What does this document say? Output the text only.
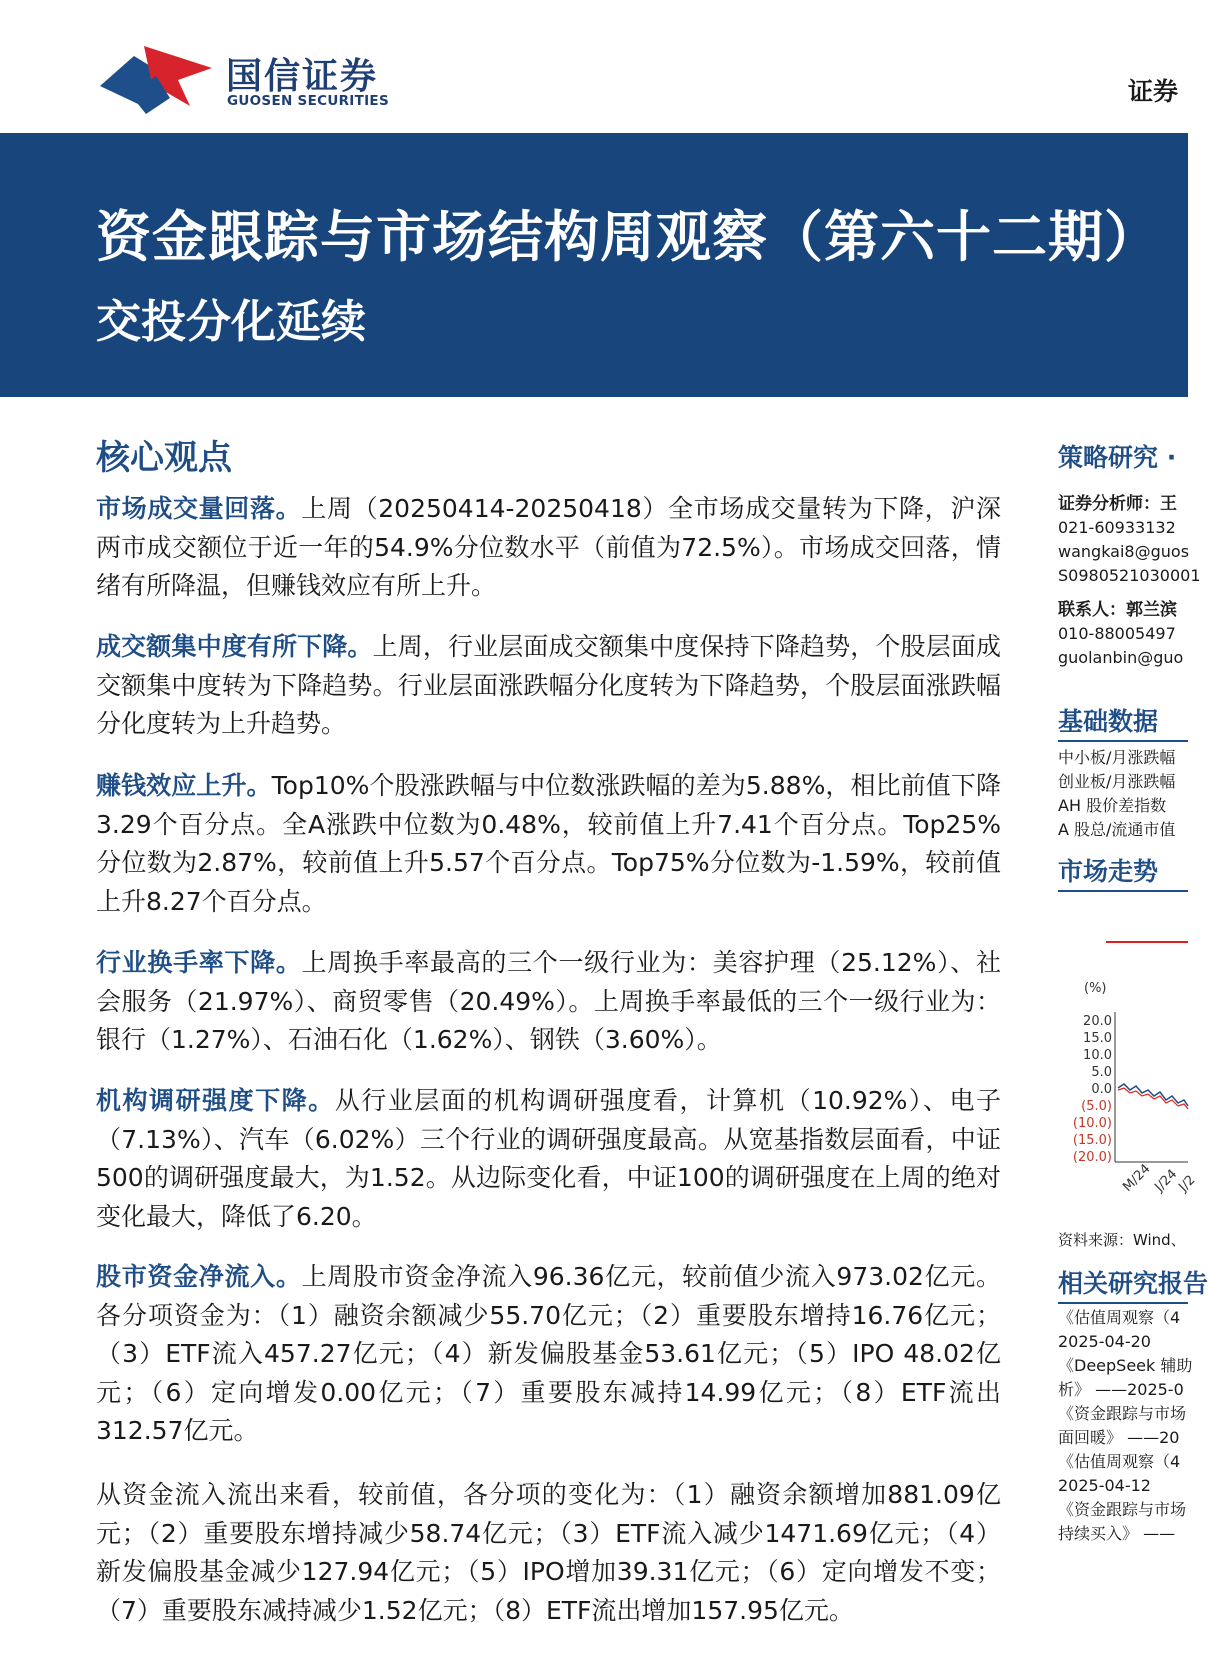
国信证券
GUOSEN SECURITIES	证券
资金跟踪与市场结构周观察（第六十二期）
交投分化延续
核心观点
市场成交量回落。上周（20250414-20250418）全市场成交量转为下降，沪深两市成交额位于近一年的54.9%分位数水平（前值为72.5%）。市场成交回落，情绪有所降温，但赚钱效应有所上升。
成交额集中度有所下降。上周，行业层面成交额集中度保持下降趋势，个股层面成交额集中度转为下降趋势。行业层面涨跌幅分化度转为下降趋势，个股层面涨跌幅分化度转为上升趋势。
赚钱效应上升。Top10%个股涨跌幅与中位数涨跌幅的差为5.88%，相比前值下降3.29个百分点。全A涨跌中位数为0.48%，较前值上升7.41个百分点。Top25%分位数为2.87%，较前值上升5.57个百分点。Top75%分位数为-1.59%，较前值上升8.27个百分点。
行业换手率下降。上周换手率最高的三个一级行业为：美容护理（25.12%）、社会服务（21.97%）、商贸零售（20.49%）。上周换手率最低的三个一级行业为：银行（1.27%）、石油石化（1.62%）、钢铁（3.60%）。
机构调研强度下降。从行业层面的机构调研强度看，计算机（10.92%）、电子（7.13%）、汽车（6.02%）三个行业的调研强度最高。从宽基指数层面看，中证500的调研强度最大，为1.52。从边际变化看，中证100的调研强度在上周的绝对变化最大，降低了6.20。
股市资金净流入。上周股市资金净流入96.36亿元，较前值少流入973.02亿元。各分项资金为：（1）融资余额减少55.70亿元；（2）重要股东增持16.76亿元；（3）ETF流入457.27亿元；（4）新发偏股基金53.61亿元；（5）IPO 48.02亿元；（6）定向增发0.00亿元；（7）重要股东减持14.99亿元；（8）ETF流出312.57亿元。
从资金流入流出来看，较前值，各分项的变化为：（1）融资余额增加881.09亿元；（2）重要股东增持减少58.74亿元；（3）ETF流入减少1471.69亿元；（4）新发偏股基金减少127.94亿元；（5）IPO增加39.31亿元；（6）定向增发不变；（7）重要股东减持减少1.52亿元；（8）ETF流出增加157.95亿元。
策略研究 ·
证券分析师：王
021-60933132
wangkai8@guos
S0980521030001
联系人：郭兰滨
010-88005497
guolanbin@guo
基础数据
中小板/月涨跌幅
创业板/月涨跌幅
AH 股价差指数
A 股总/流通市值
市场走势
(%)
20.0
15.0
10.0
5.0
0.0
(5.0)
(10.0)
(15.0)
(20.0)
M/24
J/24
J/2
资料来源：Wind、
相关研究报告
《估值周观察（4
2025-04-20
《DeepSeek 辅助
析》 ——2025-0
《资金跟踪与市场
面回暖》 ——20
《估值周观察（4
2025-04-12
《资金跟踪与市场
持续买入》 ——
